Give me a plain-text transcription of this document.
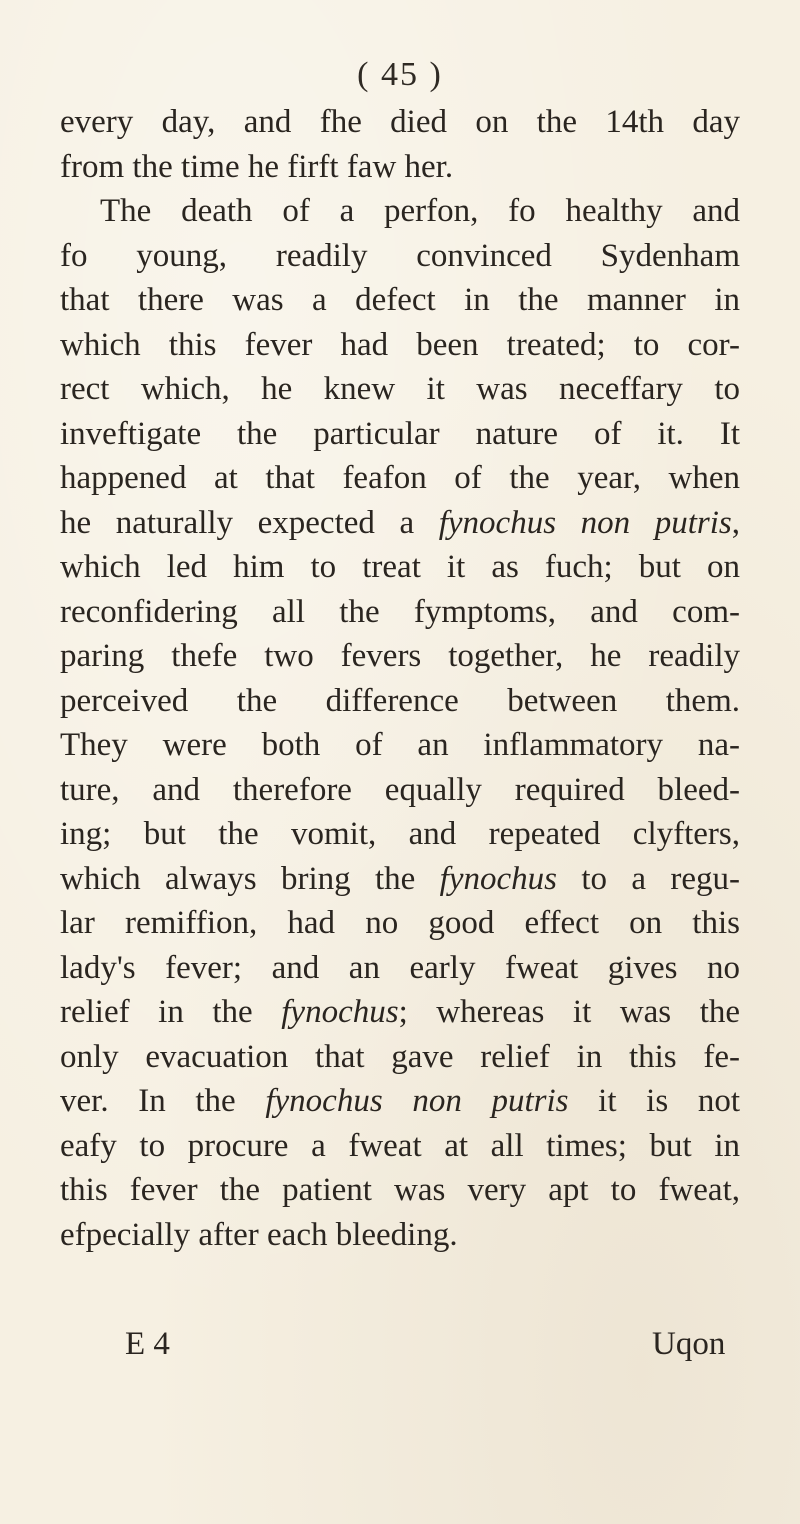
( 45 )
every day, and fhe died on the 14th day
from the time he firft faw her.
The death of a perfon, fo healthy and
fo young, readily convinced Sydenham
that there was a defect in the manner in
which this fever had been treated; to cor-
rect which, he knew it was neceffary to
inveftigate the particular nature of it. It
happened at that feafon of the year, when
he naturally expected a fynochus non putris,
which led him to treat it as fuch; but on
reconfidering all the fymptoms, and com-
paring thefe two fevers together, he readily
perceived the difference between them.
They were both of an inflammatory na-
ture, and therefore equally required bleed-
ing; but the vomit, and repeated clyfters,
which always bring the fynochus to a regu-
lar remiffion, had no good effect on this
lady's fever; and an early fweat gives no
relief in the fynochus; whereas it was the
only evacuation that gave relief in this fe-
ver. In the fynochus non putris it is not
eafy to procure a fweat at all times; but in
this fever the patient was very apt to fweat,
efpecially after each bleeding.
E 4	Uqon
